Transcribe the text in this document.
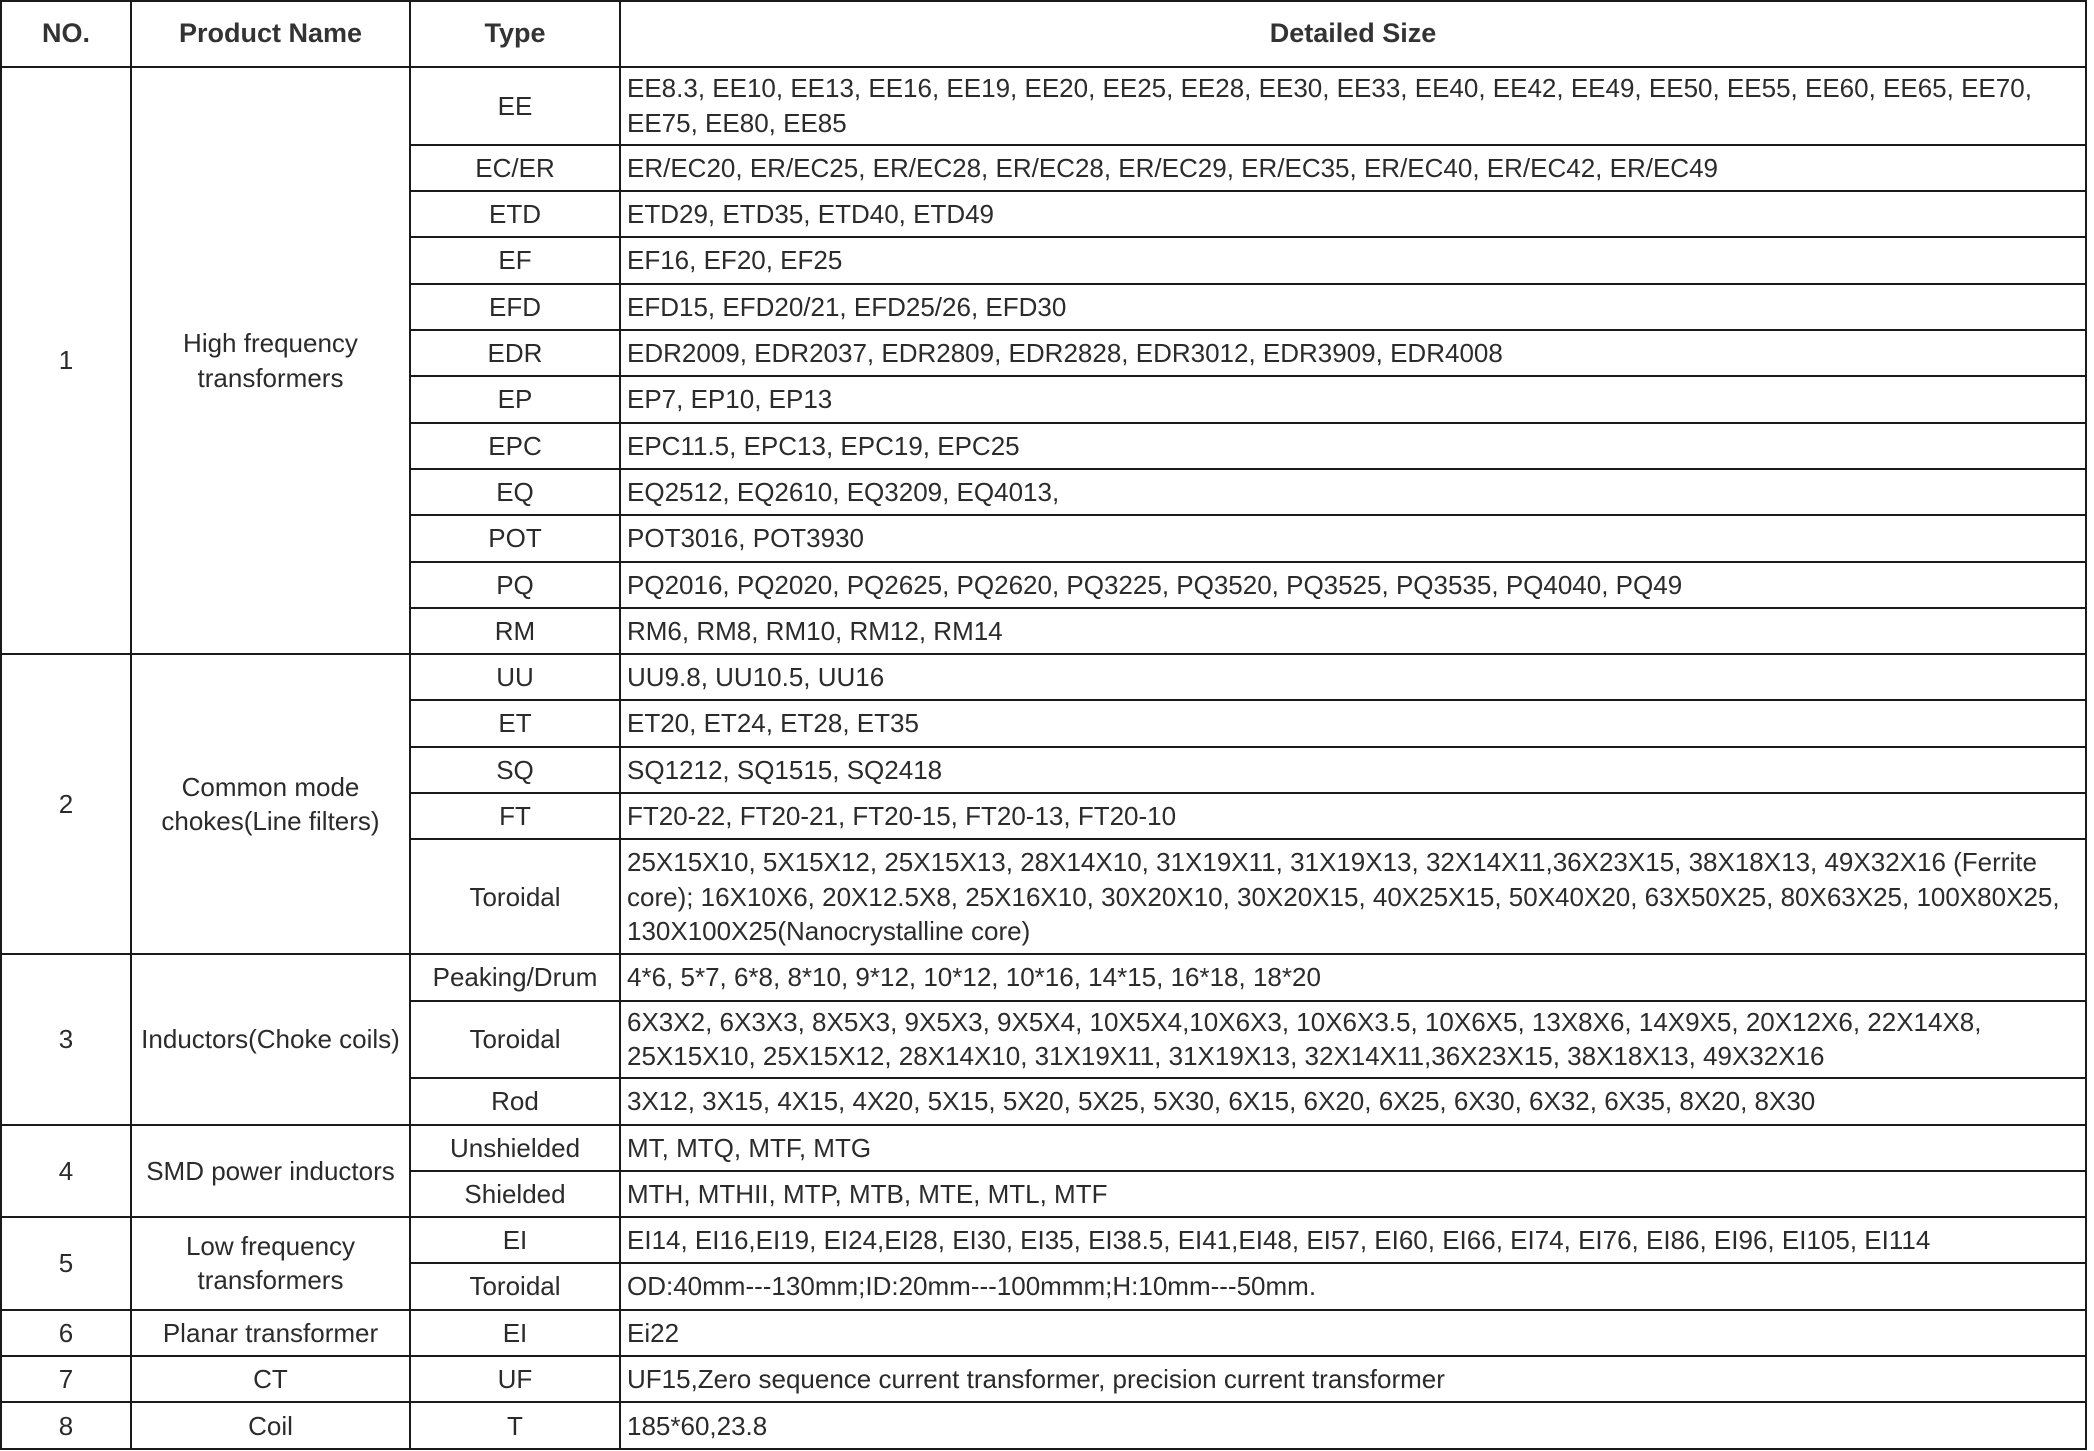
NO.	Product Name	Type	Detailed Size
1	High frequency transformers	EE	EE8.3, EE10, EE13, EE16, EE19, EE20, EE25, EE28, EE30, EE33, EE40, EE42, EE49, EE50, EE55, EE60, EE65, EE70, EE75, EE80, EE85
		EC/ER	ER/EC20, ER/EC25, ER/EC28, ER/EC28, ER/EC29, ER/EC35, ER/EC40, ER/EC42, ER/EC49
		ETD	ETD29, ETD35, ETD40, ETD49
		EF	EF16, EF20, EF25
		EFD	EFD15, EFD20/21, EFD25/26, EFD30
		EDR	EDR2009, EDR2037, EDR2809, EDR2828, EDR3012, EDR3909, EDR4008
		EP	EP7, EP10, EP13
		EPC	EPC11.5, EPC13, EPC19, EPC25
		EQ	EQ2512, EQ2610, EQ3209, EQ4013,
		POT	POT3016, POT3930
		PQ	PQ2016, PQ2020, PQ2625, PQ2620, PQ3225, PQ3520, PQ3525, PQ3535, PQ4040, PQ49
		RM	RM6, RM8, RM10, RM12, RM14
2	Common mode chokes(Line filters)	UU	UU9.8, UU10.5, UU16
		ET	ET20, ET24, ET28, ET35
		SQ	SQ1212, SQ1515, SQ2418
		FT	FT20-22, FT20-21, FT20-15, FT20-13, FT20-10
		Toroidal	25X15X10, 5X15X12, 25X15X13, 28X14X10, 31X19X11, 31X19X13, 32X14X11,36X23X15, 38X18X13, 49X32X16 (Ferrite core); 16X10X6, 20X12.5X8, 25X16X10, 30X20X10, 30X20X15, 40X25X15, 50X40X20, 63X50X25, 80X63X25, 100X80X25, 130X100X25(Nanocrystalline core)
3	Inductors(Choke coils)	Peaking/Drum	4*6, 5*7, 6*8, 8*10, 9*12, 10*12, 10*16, 14*15, 16*18, 18*20
		Toroidal	6X3X2, 6X3X3, 8X5X3, 9X5X3, 9X5X4, 10X5X4,10X6X3, 10X6X3.5, 10X6X5, 13X8X6, 14X9X5, 20X12X6, 22X14X8, 25X15X10, 25X15X12, 28X14X10, 31X19X11, 31X19X13, 32X14X11,36X23X15, 38X18X13, 49X32X16
		Rod	3X12, 3X15, 4X15, 4X20, 5X15, 5X20, 5X25, 5X30, 6X15, 6X20, 6X25, 6X30, 6X32, 6X35, 8X20, 8X30
4	SMD power inductors	Unshielded	MT, MTQ, MTF, MTG
		Shielded	MTH, MTHII, MTP, MTB, MTE, MTL, MTF
5	Low frequency transformers	EI	EI14, EI16,EI19, EI24,EI28, EI30, EI35, EI38.5, EI41,EI48, EI57, EI60, EI66, EI74, EI76, EI86, EI96, EI105, EI114
		Toroidal	OD:40mm---130mm;ID:20mm---100mmm;H:10mm---50mm.
6	Planar transformer	EI	Ei22
7	CT	UF	UF15,Zero sequence current transformer, precision current transformer
8	Coil	T	185*60,23.8
